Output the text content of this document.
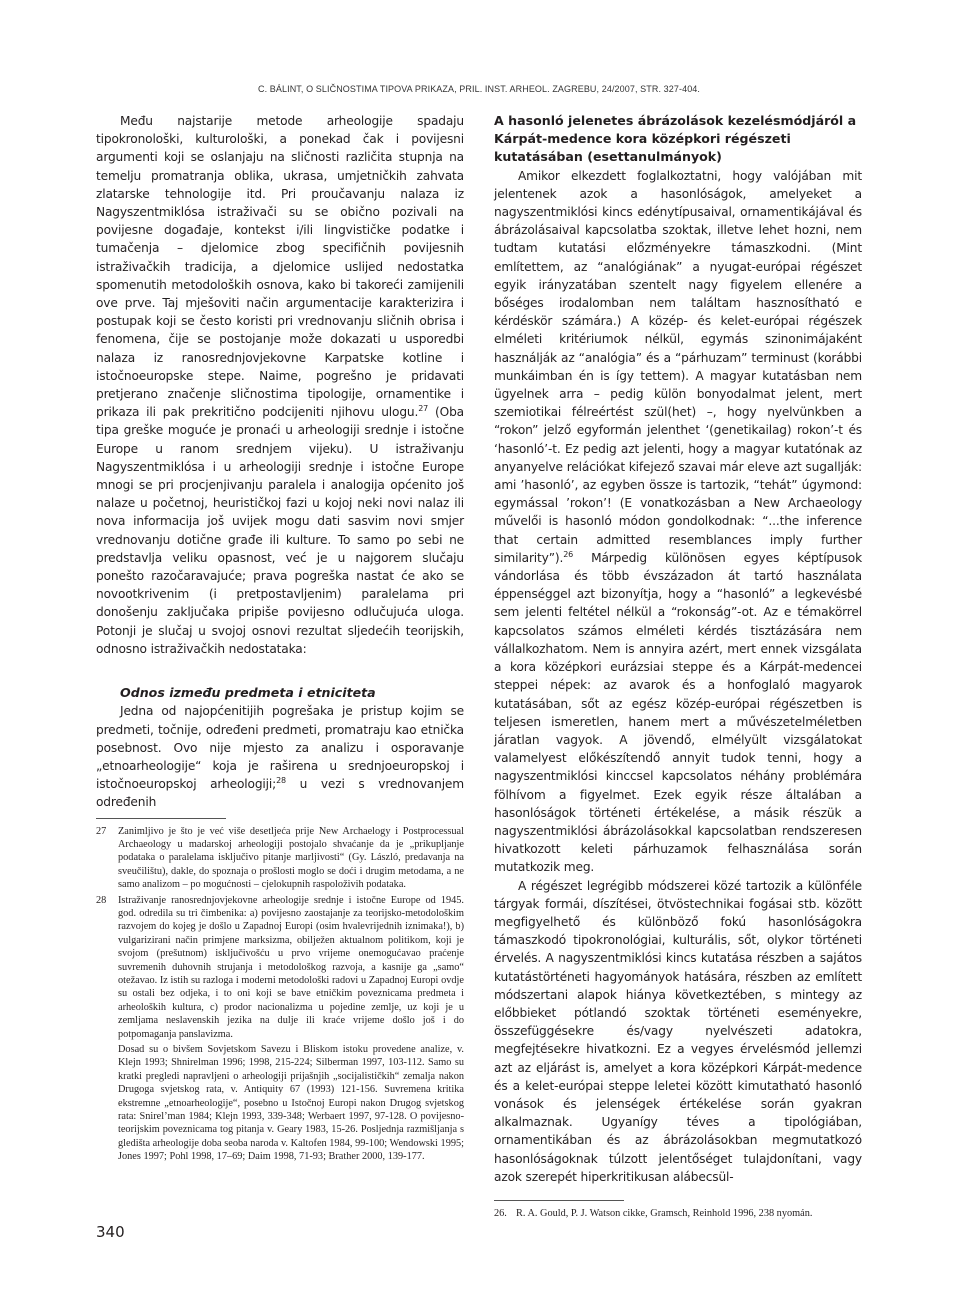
C. BÁLINT, O SLIČNOSTIMA TIPOVA PRIKAZA, PRIL. INST. ARHEOL. ZAGREBU, 24/2007, STR. 327-404.

Među najstarije metode arheologije spadaju tipokronološki, kulturološki, a ponekad čak i povijesni argumenti koji se oslanjaju na sličnosti različita stupnja na temelju promatranja oblika, ukrasa, umjetničkih zahvata zlatarske tehnologije itd. Pri proučavanju nalaza iz Nagyszentmiklósa istraživači su se obično pozivali na povijesne događaje, kontekst i/ili lingvističke podatke i tumačenja – djelomice zbog specifičnih povijesnih istraživačkih tradicija, a djelomice uslijed nedostatka spomenutih metodoloških osnova, kako bi takoreći zamijenili ove prve. Taj mješoviti način argumentacije karakterizira i postupak koji se često koristi pri vrednovanju sličnih obrisa i fenomena, čije se postojanje može dokazati u usporedbi nalaza iz ranosrednjovjekovne Karpatske kotline i istočnoeuropske stepe. Naime, pogrešno je pridavati pretjerano značenje sličnostima tipologije, ornamentike i prikaza ili pak prekritično podcijeniti njihovu ulogu.$^{27}$ (Oba tipa greške moguće je pronaći u arheologiji srednje i istočne Europe u ranom srednjem vijeku). U istraživanju Nagyszentmiklósa i u arheologiji srednje i istočne Europe mnogi se pri procjenjivanju paralela i analogija općenito još nalaze u početnoj, heurističkoj fazi u kojoj neki novi nalaz ili nova informacija još uvijek mogu dati sasvim novi smjer vrednovanju dotične građe ili kulture. To samo po sebi ne predstavlja veliku opasnost, već je u najgorem slučaju ponešto razočaravajuće; prava pogreška nastat će ako se novootkrivenim (i pretpostavljenim) paralelama pri donošenju zaključaka pripiše povijesno odlučujuća uloga. Potonji je slučaj u svojoj osnovi rezultat sljedećih teorijskih, odnosno istraživačkih nedostataka:

Odnos između predmeta i etniciteta

Jedna od najopćenitijih pogrešaka je pristup kojim se predmeti, točnije, određeni predmeti, promatraju kao etnička posebnost. Ovo nije mjesto za analizu i osporavanje „etnoarheologije“ koja je raširena u srednjoeuropskoj i istočnoeuropskoj arheologiji;$^{28}$ u vezi s vrednovanjem određenih

27 Zanimljivo je što je već više desetljeća prije New Archaelogy i Postprocessual Archaeology u madarskoj arheologiji postojalo shvaćanje da je „prikupljanje podataka o paralelama isključivo pitanje marljivosti“ (Gy. László, predavanja na sveučilištu), dakle, do spoznaja o prošlosti moglo se doći i drugim metodama, a ne samo analizom – po mogućnosti – cjelokupnih raspoloživih podataka.

28 Istraživanje ranosrednjovjekovne arheologije srednje i istočne Europe od 1945. god. odredila su tri čimbenika: a) povijesno zaostajanje za teorijsko-metodološkim razvojem do kojeg je došlo u Zapadnoj Europi (osim hvalevrijednih iznimaka!), b) vulgarizirani način primjene marksizma, obilježen aktualnom politikom, koji je svojom (prešutnom) isključivošću u prvo vrijeme onemogućavao praćenje suvremenih duhovnih strujanja i metodološkog razvoja, a kasnije ga „samo“ otežavao. Iz istih su razloga i moderni metodološki radovi u Zapadnoj Europi ovdje su ostali bez odjeka, i to oni koji se bave etničkim poveznicama predmeta i arheoloških kultura, c) prodor nacionalizma u pojedine zemlje, uz koji je u zemljama neslavenskih jezika na dulje ili kraće vrijeme došlo još i do potpomaganja panslavizma.

Dosad su o bivšem Sovjetskom Savezu i Bliskom istoku provedene analize, v. Klejn 1993; Shnirelman 1996; 1998, 215-224; Silberman 1997, 103-112. Samo su kratki pregledi napravljeni o arheologiji prijašnjih „socijalističkih“ zemalja nakon Drugoga svjetskog rata, v. Antiquity 67 (1993) 121-156. Suvremena kritika ekstremne „etnoarheologije“, posebno u Istočnoj Europi nakon Drugog svjetskog rata: Snirel’man 1984; Klejn 1993, 339-348; Werbaert 1997, 97-128. O povijesno-teorijskim poveznicama tog pitanja v. Geary 1983, 15-26. Posljednja razmišljanja s gledišta arheologije doba seoba naroda v. Kaltofen 1984, 99-100; Wendowski 1995; Jones 1997; Pohl 1998, 17–69; Daim 1998, 71-93; Brather 2000, 139-177.

A hasonló jelenetes ábrázolások kezelésmódjáról a Kárpát-medence kora középkori régészeti kutatásában (esettanulmányok)

Amikor elkezdett foglalkoztatni, hogy valójában mit jelentenek azok a hasonlóságok, amelyeket a nagyszentmiklósi kincs edénytípusaival, ornamentikájával és ábrázolásaival kapcsolatba szoktak, illetve lehet hozni, nem tudtam kutatási előzményekre támaszkodni. (Mint említettem, az “analógiának” a nyugat-európai régészet egyik irányzatában szentelt nagy figyelem ellenére a bőséges irodalomban nem találtam hasznosítható e kérdéskör számára.) A közép- és kelet-európai régészek elméleti kritériumok nélkül, egymás szinonimájaként használják az “analógia” és a “párhuzam” terminust (korábbi munkáimban én is így tettem). A magyar kutatásban nem ügyelnek arra – pedig külön bonyodalmat jelent, mert szemiotikai félreértést szül(het) –, hogy nyelvünkben a “rokon” jelző egyformán jelenthet ‘(genetikailag) rokon’-t és ‘hasonló’-t. Ez pedig azt jelenti, hogy a magyar kutatónak az anyanyelve relációkat kifejező szavai már eleve azt sugallják: ami ’hasonló’, az egyben össze is tartozik, “tehát” úgymond: egymással ’rokon’! (E vonatkozásban a New Archaeology művelői is hasonló módon gondolkodnak: “...the inference that certain admitted resemblances imply further similarity”).$^{26}$ Márpedig különösen egyes képtípusok vándorlása és több évszázadon át tartó használata éppenséggel azt bizonyítja, hogy a “hasonló” a legkevésbé sem jelenti feltétel nélkül a “rokonság”-ot. Az e témakörrel kapcsolatos számos elméleti kérdés tisztázására nem vállalkozhatom. Nem is annyira azért, mert ennek vizsgálata a kora középkori eurázsiai steppe és a Kárpát-medencei steppei népek: az avarok és a honfoglaló magyarok kutatásában, sőt az egész közép-európai régészetben is teljesen ismeretlen, hanem mert a művészetelméletben járatlan vagyok. A jövendő, elmélyült vizsgálatokat valamelyest előkészítendő annyit tudok tenni, hogy a nagyszentmiklósi kinccsel kapcsolatos néhány problémára fölhívom a figyelmet. Ezek egyik része általában a hasonlóságok történeti értékelése, a másik részük a nagyszentmiklósi ábrázolásokkal kapcsolatban rendszeresen hivatkozott keleti párhuzamok felhasználása során mutatkozik meg.

A régészet legrégibb módszerei közé tartozik a különféle tárgyak formái, díszítései, ötvöstechnikai fogásai stb. között megfigyelhető és különböző fokú hasonlóságokra támaszkodó tipokronológiai, kulturális, sőt, olykor történeti érvelés. A nagyszentmiklósi kincs kutatása részben a sajátos kutatástörténeti hagyományok hatására, részben az említett módszertani alapok hiánya következtében, s mintegy az előbbieket pótlandó szoktak történeti eseményekre, összefüggésekre és/vagy nyelvészeti adatokra, megfejtésekre hivatkozni. Ez a vegyes érvelésmód jellemzi azt az eljárást is, amelyet a kora középkori Kárpát-medence és a kelet-európai steppe leletei között kimutatható hasonló vonások és jelenségek értékelése során gyakran alkalmaznak. Ugyanígy téves a tipológiában, ornamentikában és az ábrázolásokban megmutatkozó hasonlóságoknak túlzott jelentőséget tulajdonítani, vagy azok szerepét hiperkritikusan alábecsül-

26. R. A. Gould, P. J. Watson cikke, Gramsch, Reinhold 1996, 238 nyomán.

340
